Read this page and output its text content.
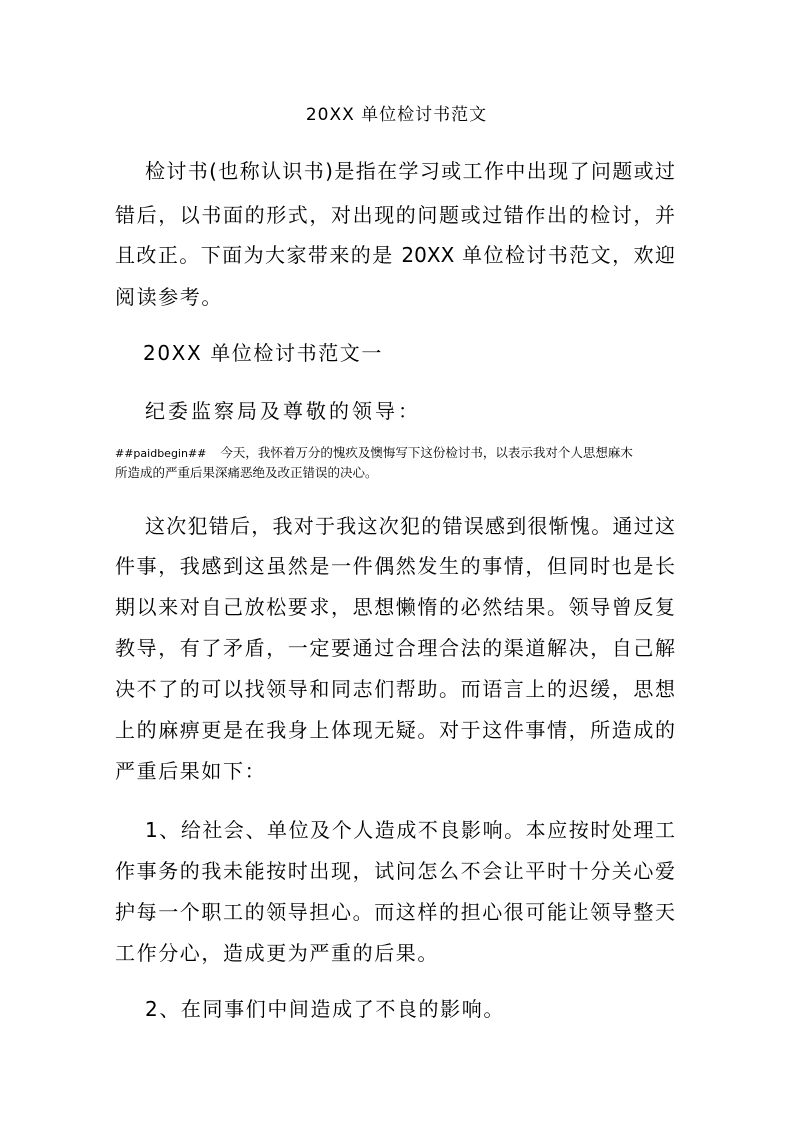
20XX 单位检讨书范文
检讨书(也称认识书)是指在学习或工作中出现了问题或过
错后，以书面的形式，对出现的问题或过错作出的检讨，并
且改正。下面为大家带来的是 20XX 单位检讨书范文，欢迎
阅读参考。
20XX 单位检讨书范文一
纪委监察局及尊敬的领导：
##paidbegin## 今天，我怀着万分的愧疚及懊悔写下这份检讨书，以表示我对个人思想麻木
所造成的严重后果深痛恶绝及改正错误的决心。
这次犯错后，我对于我这次犯的错误感到很惭愧。通过这
件事，我感到这虽然是一件偶然发生的事情，但同时也是长
期以来对自己放松要求，思想懒惰的必然结果。领导曾反复
教导，有了矛盾，一定要通过合理合法的渠道解决，自己解
决不了的可以找领导和同志们帮助。而语言上的迟缓，思想
上的麻痹更是在我身上体现无疑。对于这件事情，所造成的
严重后果如下：
1、给社会、单位及个人造成不良影响。本应按时处理工
作事务的我未能按时出现，试问怎么不会让平时十分关心爱
护每一个职工的领导担心。而这样的担心很可能让领导整天
工作分心，造成更为严重的后果。
2、在同事们中间造成了不良的影响。
